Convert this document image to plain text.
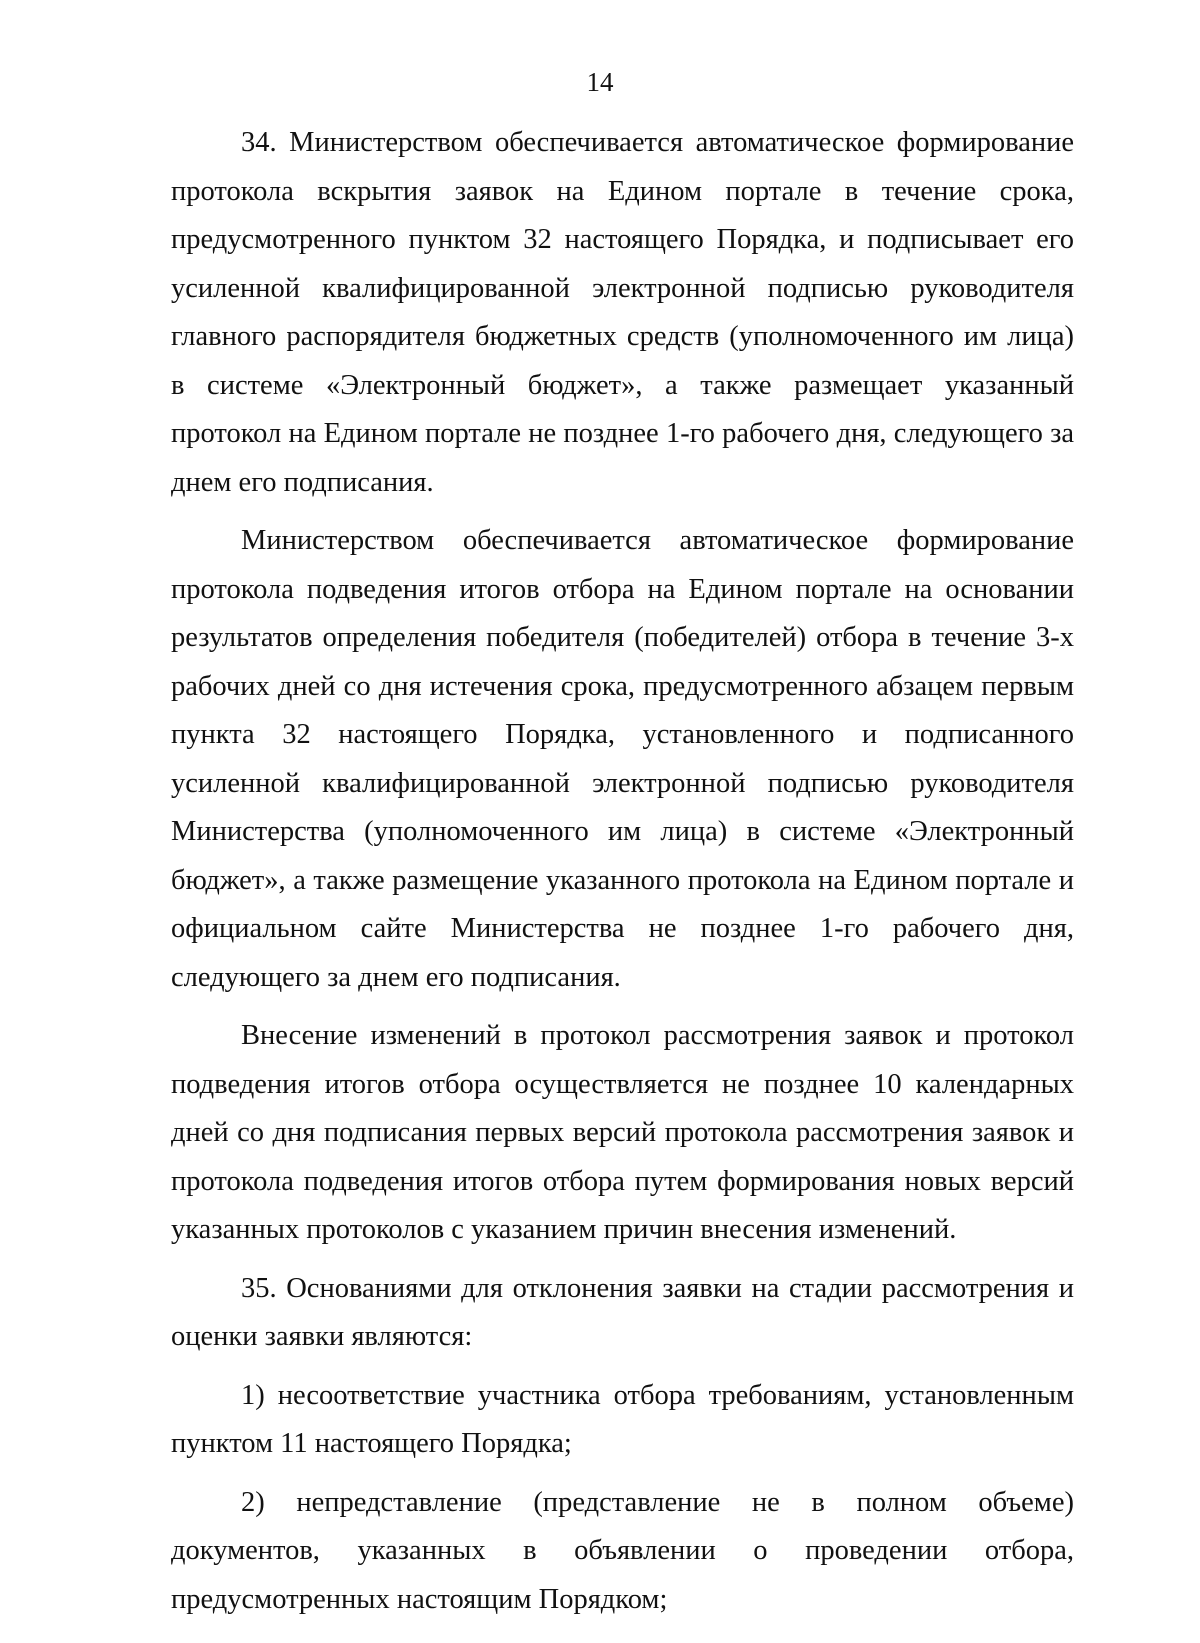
14

34. Министерством обеспечивается автоматическое формирование протокола вскрытия заявок на Едином портале в течение срока, предусмотренного пунктом 32 настоящего Порядка, и подписывает его усиленной квалифицированной электронной подписью руководителя главного распорядителя бюджетных средств (уполномоченного им лица) в системе «Электронный бюджет», а также размещает указанный протокол на Едином портале не позднее 1-го рабочего дня, следующего за днем его подписания.

Министерством обеспечивается автоматическое формирование протокола подведения итогов отбора на Едином портале на основании результатов определения победителя (победителей) отбора в течение 3-х рабочих дней со дня истечения срока, предусмотренного абзацем первым пункта 32 настоящего Порядка, установленного и подписанного усиленной квалифицированной электронной подписью руководителя Министерства (уполномоченного им лица) в системе «Электронный бюджет», а также размещение указанного протокола на Едином портале и официальном сайте Министерства не позднее 1-го рабочего дня, следующего за днем его подписания.

Внесение изменений в протокол рассмотрения заявок и протокол подведения итогов отбора осуществляется не позднее 10 календарных дней со дня подписания первых версий протокола рассмотрения заявок и протокола подведения итогов отбора путем формирования новых версий указанных протоколов с указанием причин внесения изменений.

35. Основаниями для отклонения заявки на стадии рассмотрения и оценки заявки являются:

1) несоответствие участника отбора требованиям, установленным пунктом 11 настоящего Порядка;

2) непредставление (представление не в полном объеме) документов, указанных в объявлении о проведении отбора, предусмотренных настоящим Порядком;
